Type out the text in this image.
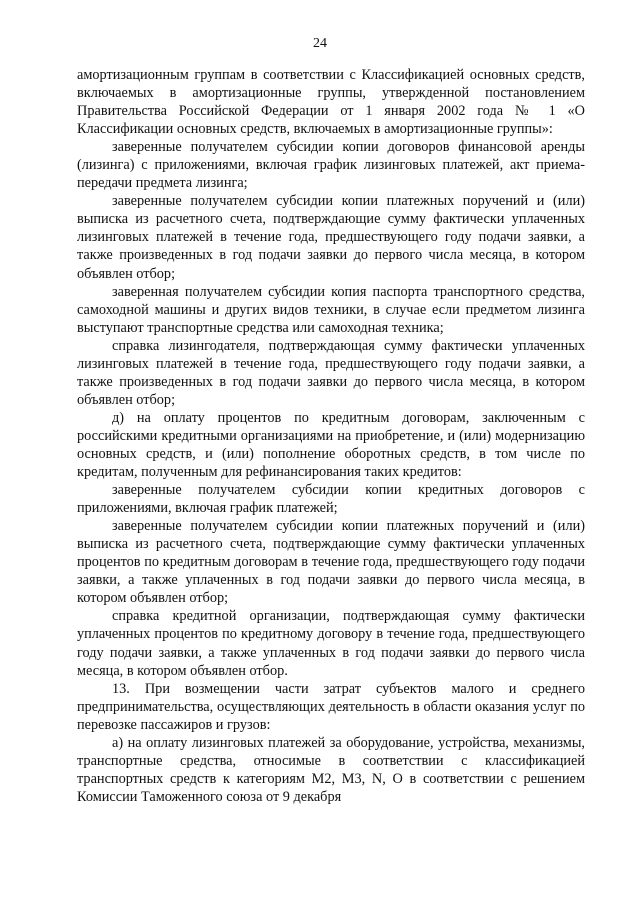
24

амортизационным группам в соответствии с Классификацией основных средств, включаемых в амортизационные группы, утвержденной постановлением Правительства Российской Федерации от 1 января 2002 года № 1 «О Классификации основных средств, включаемых в амортизационные группы»:

заверенные получателем субсидии копии договоров финансовой аренды (лизинга) с приложениями, включая график лизинговых платежей, акт приема-передачи предмета лизинга;

заверенные получателем субсидии копии платежных поручений и (или) выписка из расчетного счета, подтверждающие сумму фактически уплаченных лизинговых платежей в течение года, предшествующего году подачи заявки, а также произведенных в год подачи заявки до первого числа месяца, в котором объявлен отбор;

заверенная получателем субсидии копия паспорта транспортного средства, самоходной машины и других видов техники, в случае если предметом лизинга выступают транспортные средства или самоходная техника;

справка лизингодателя, подтверждающая сумму фактически уплаченных лизинговых платежей в течение года, предшествующего году подачи заявки, а также произведенных в год подачи заявки до первого числа месяца, в котором объявлен отбор;

д) на оплату процентов по кредитным договорам, заключенным с российскими кредитными организациями на приобретение, и (или) модернизацию основных средств, и (или) пополнение оборотных средств, в том числе по кредитам, полученным для рефинансирования таких кредитов:

заверенные получателем субсидии копии кредитных договоров с приложениями, включая график платежей;

заверенные получателем субсидии копии платежных поручений и (или) выписка из расчетного счета, подтверждающие сумму фактически уплаченных процентов по кредитным договорам в течение года, предшествующего году подачи заявки, а также уплаченных в год подачи заявки до первого числа месяца, в котором объявлен отбор;

справка кредитной организации, подтверждающая сумму фактически уплаченных процентов по кредитному договору в течение года, предшествующего году подачи заявки, а также уплаченных в год подачи заявки до первого числа месяца, в котором объявлен отбор.

13. При возмещении части затрат субъектов малого и среднего предпринимательства, осуществляющих деятельность в области оказания услуг по перевозке пассажиров и грузов:

а) на оплату лизинговых платежей за оборудование, устройства, механизмы, транспортные средства, относимые в соответствии с классификацией транспортных средств к категориям М2, М3, N, О в соответствии с решением Комиссии Таможенного союза от 9 декабря
